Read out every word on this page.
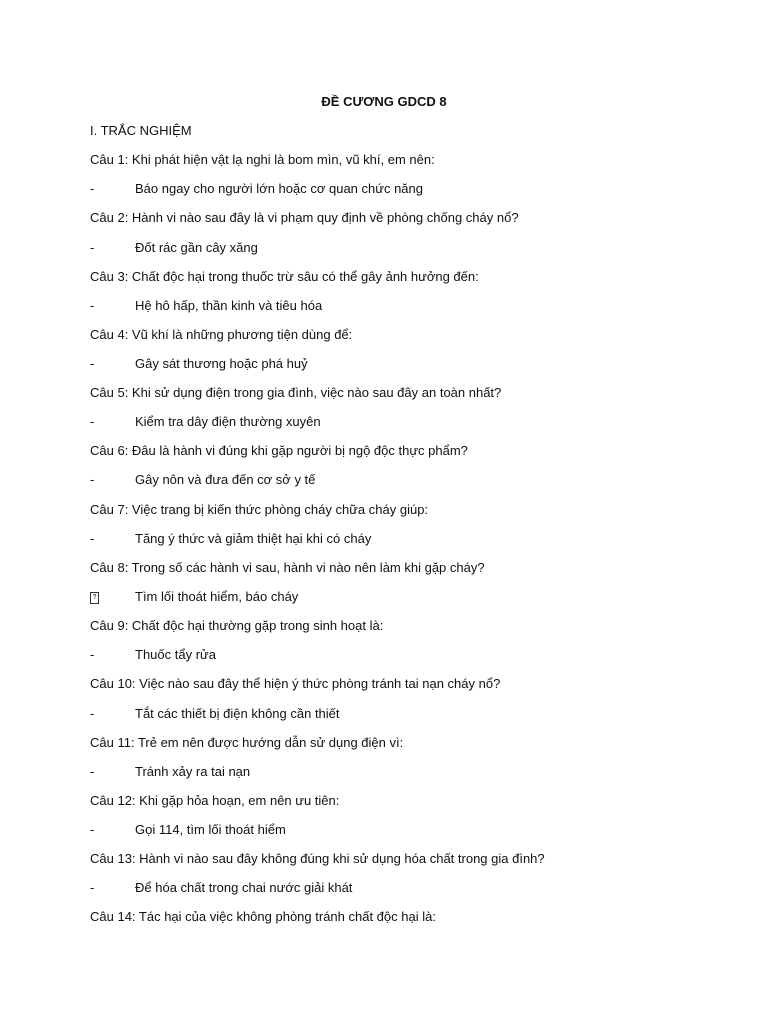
ĐỀ CƯƠNG GDCD 8
I. TRẮC NGHIỆM
Câu 1: Khi phát hiện vật lạ nghi là bom mìn, vũ khí, em nên:
-	Báo ngay cho người lớn hoặc cơ quan chức năng
Câu 2: Hành vi nào sau đây là vi phạm quy định về phòng chống cháy nổ?
-	Đốt rác gần cây xăng
Câu 3: Chất độc hại trong thuốc trừ sâu có thể gây ảnh hưởng đến:
-	Hệ hô hấp, thần kinh và tiêu hóa
Câu 4: Vũ khí là những phương tiện dùng để:
-	Gây sát thương hoặc phá huỷ
Câu 5: Khi sử dụng điện trong gia đình, việc nào sau đây an toàn nhất?
-	Kiểm tra dây điện thường xuyên
Câu 6: Đâu là hành vi đúng khi gặp người bị ngộ độc thực phẩm?
-	Gây nôn và đưa đến cơ sở y tế
Câu 7: Việc trang bị kiến thức phòng cháy chữa cháy giúp:
-	Tăng ý thức và giảm thiệt hại khi có cháy
Câu 8: Trong số các hành vi sau, hành vi nào nên làm khi gặp cháy?
?	Tìm lối thoát hiểm, báo cháy
Câu 9: Chất độc hại thường gặp trong sinh hoạt là:
-	Thuốc tẩy rửa
Câu 10: Việc nào sau đây thể hiện ý thức phòng tránh tai nạn cháy nổ?
-	Tắt các thiết bị điện không cần thiết
Câu 11: Trẻ em nên được hướng dẫn sử dụng điện vì:
-	Tránh xảy ra tai nạn
Câu 12: Khi gặp hỏa hoạn, em nên ưu tiên:
-	Gọi 114, tìm lối thoát hiểm
Câu 13: Hành vi nào sau đây không đúng khi sử dụng hóa chất trong gia đình?
-	Để hóa chất trong chai nước giải khát
Câu 14: Tác hại của việc không phòng tránh chất độc hại là:
